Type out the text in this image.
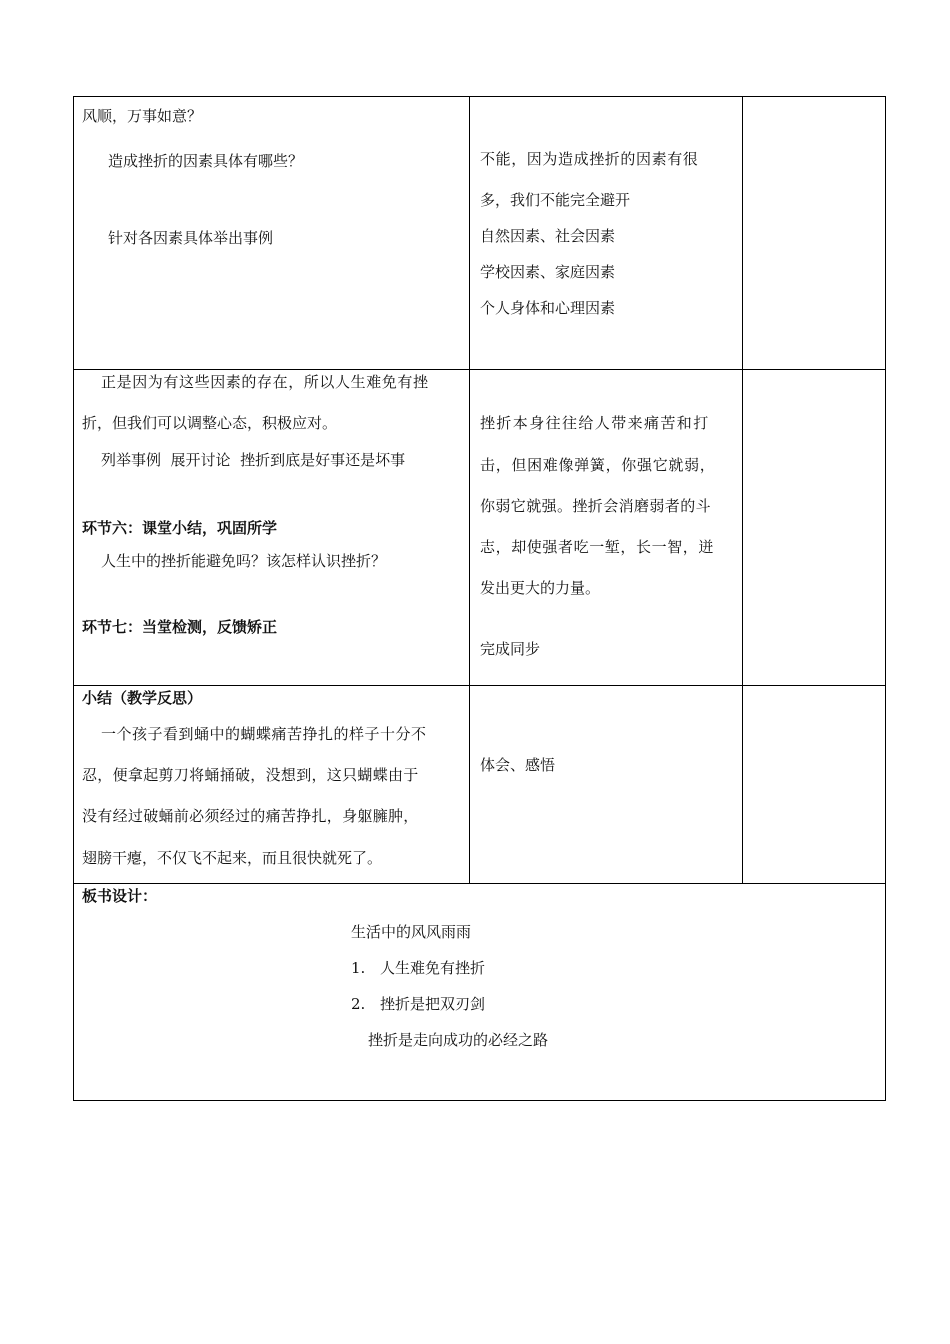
风顺，万事如意？
造成挫折的因素具体有哪些？
针对各因素具体举出事例
不能，因为造成挫折的因素有很
多，我们不能完全避开
自然因素、社会因素
学校因素、家庭因素
个人身体和心理因素
正是因为有这些因素的存在，所以人生难免有挫
折，但我们可以调整心态，积极应对。
列举事例  展开讨论  挫折到底是好事还是坏事
环节六：课堂小结，巩固所学
人生中的挫折能避免吗？该怎样认识挫折？
环节七：当堂检测，反馈矫正
挫折本身往往给人带来痛苦和打
击，但困难像弹簧，你强它就弱，
你弱它就强。挫折会消磨弱者的斗
志，却使强者吃一堑，长一智，迸
发出更大的力量。
完成同步
小结（教学反思）
一个孩子看到蛹中的蝴蝶痛苦挣扎的样子十分不
忍，便拿起剪刀将蛹捅破，没想到，这只蝴蝶由于
没有经过破蛹前必须经过的痛苦挣扎，身躯臃肿，
翅膀干瘪，不仅飞不起来，而且很快就死了。
体会、感悟
板书设计：
生活中的风风雨雨
1. 人生难免有挫折
2. 挫折是把双刃剑
挫折是走向成功的必经之路
